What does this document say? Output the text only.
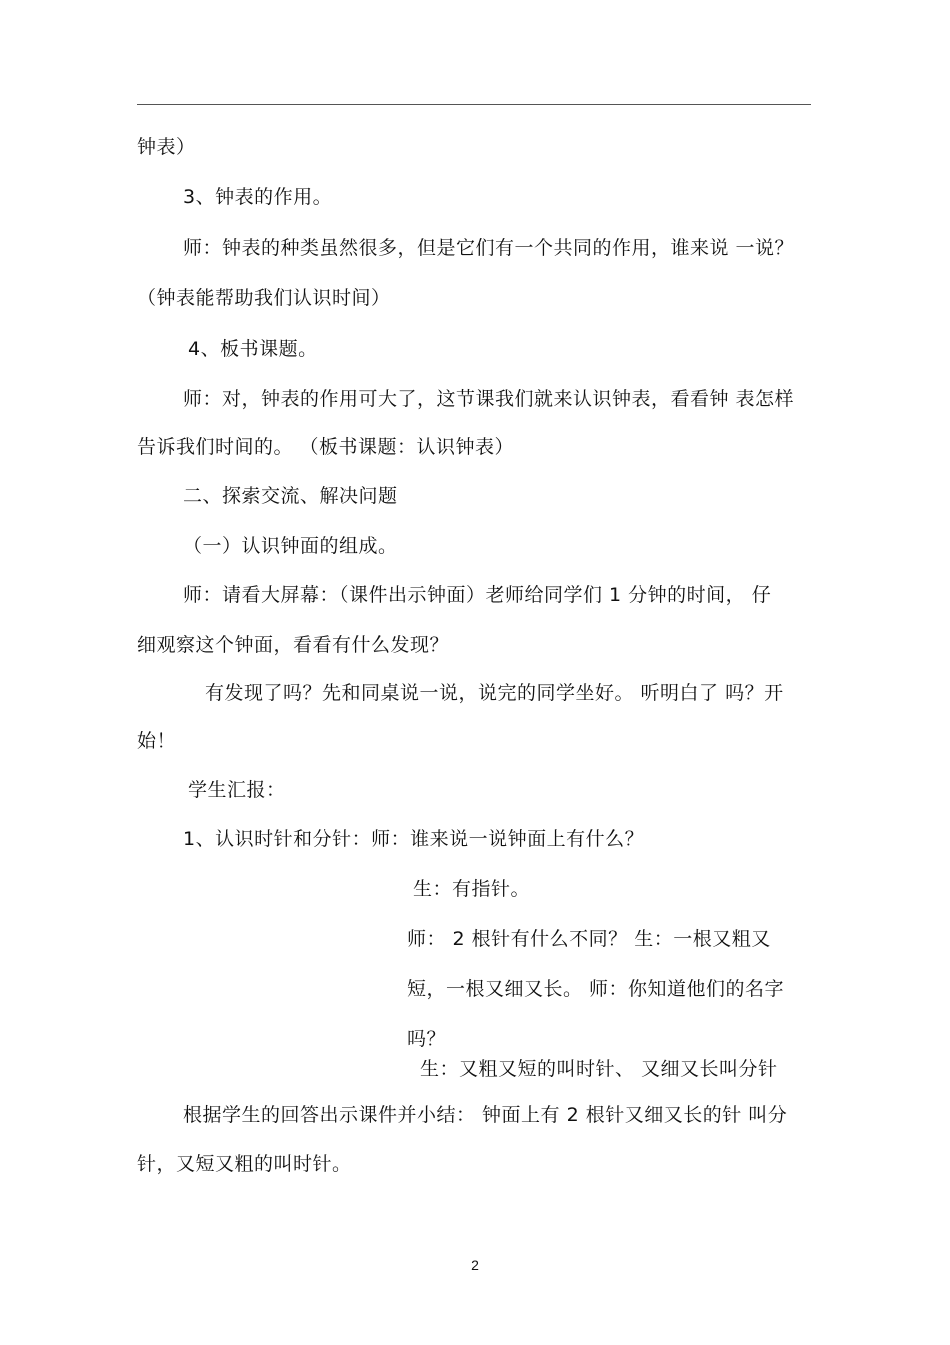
钟表）
3、钟表的作用。
师：钟表的种类虽然很多，但是它们有一个共同的作用，谁来说 一说？
（钟表能帮助我们认识时间）
4、板书课题。
师：对，钟表的作用可大了，这节课我们就来认识钟表，看看钟 表怎样
告诉我们时间的。 （板书课题：认识钟表）
二、探索交流、解决问题
（一）认识钟面的组成。
师：请看大屏幕：（课件出示钟面）老师给同学们 1 分钟的时间， 仔
细观察这个钟面，看看有什么发现？
有发现了吗？先和同桌说一说，说完的同学坐好。 听明白了 吗？开
始！
学生汇报：
1、认识时针和分针：师：谁来说一说钟面上有什么？
生：有指针。
师： 2 根针有什么不同？ 生：一根又粗又
短，一根又细又长。 师：你知道他们的名字
吗？
生：又粗又短的叫时针、 又细又长叫分针
根据学生的回答出示课件并小结： 钟面上有 2 根针又细又长的针 叫分
针，又短又粗的叫时针。
2
